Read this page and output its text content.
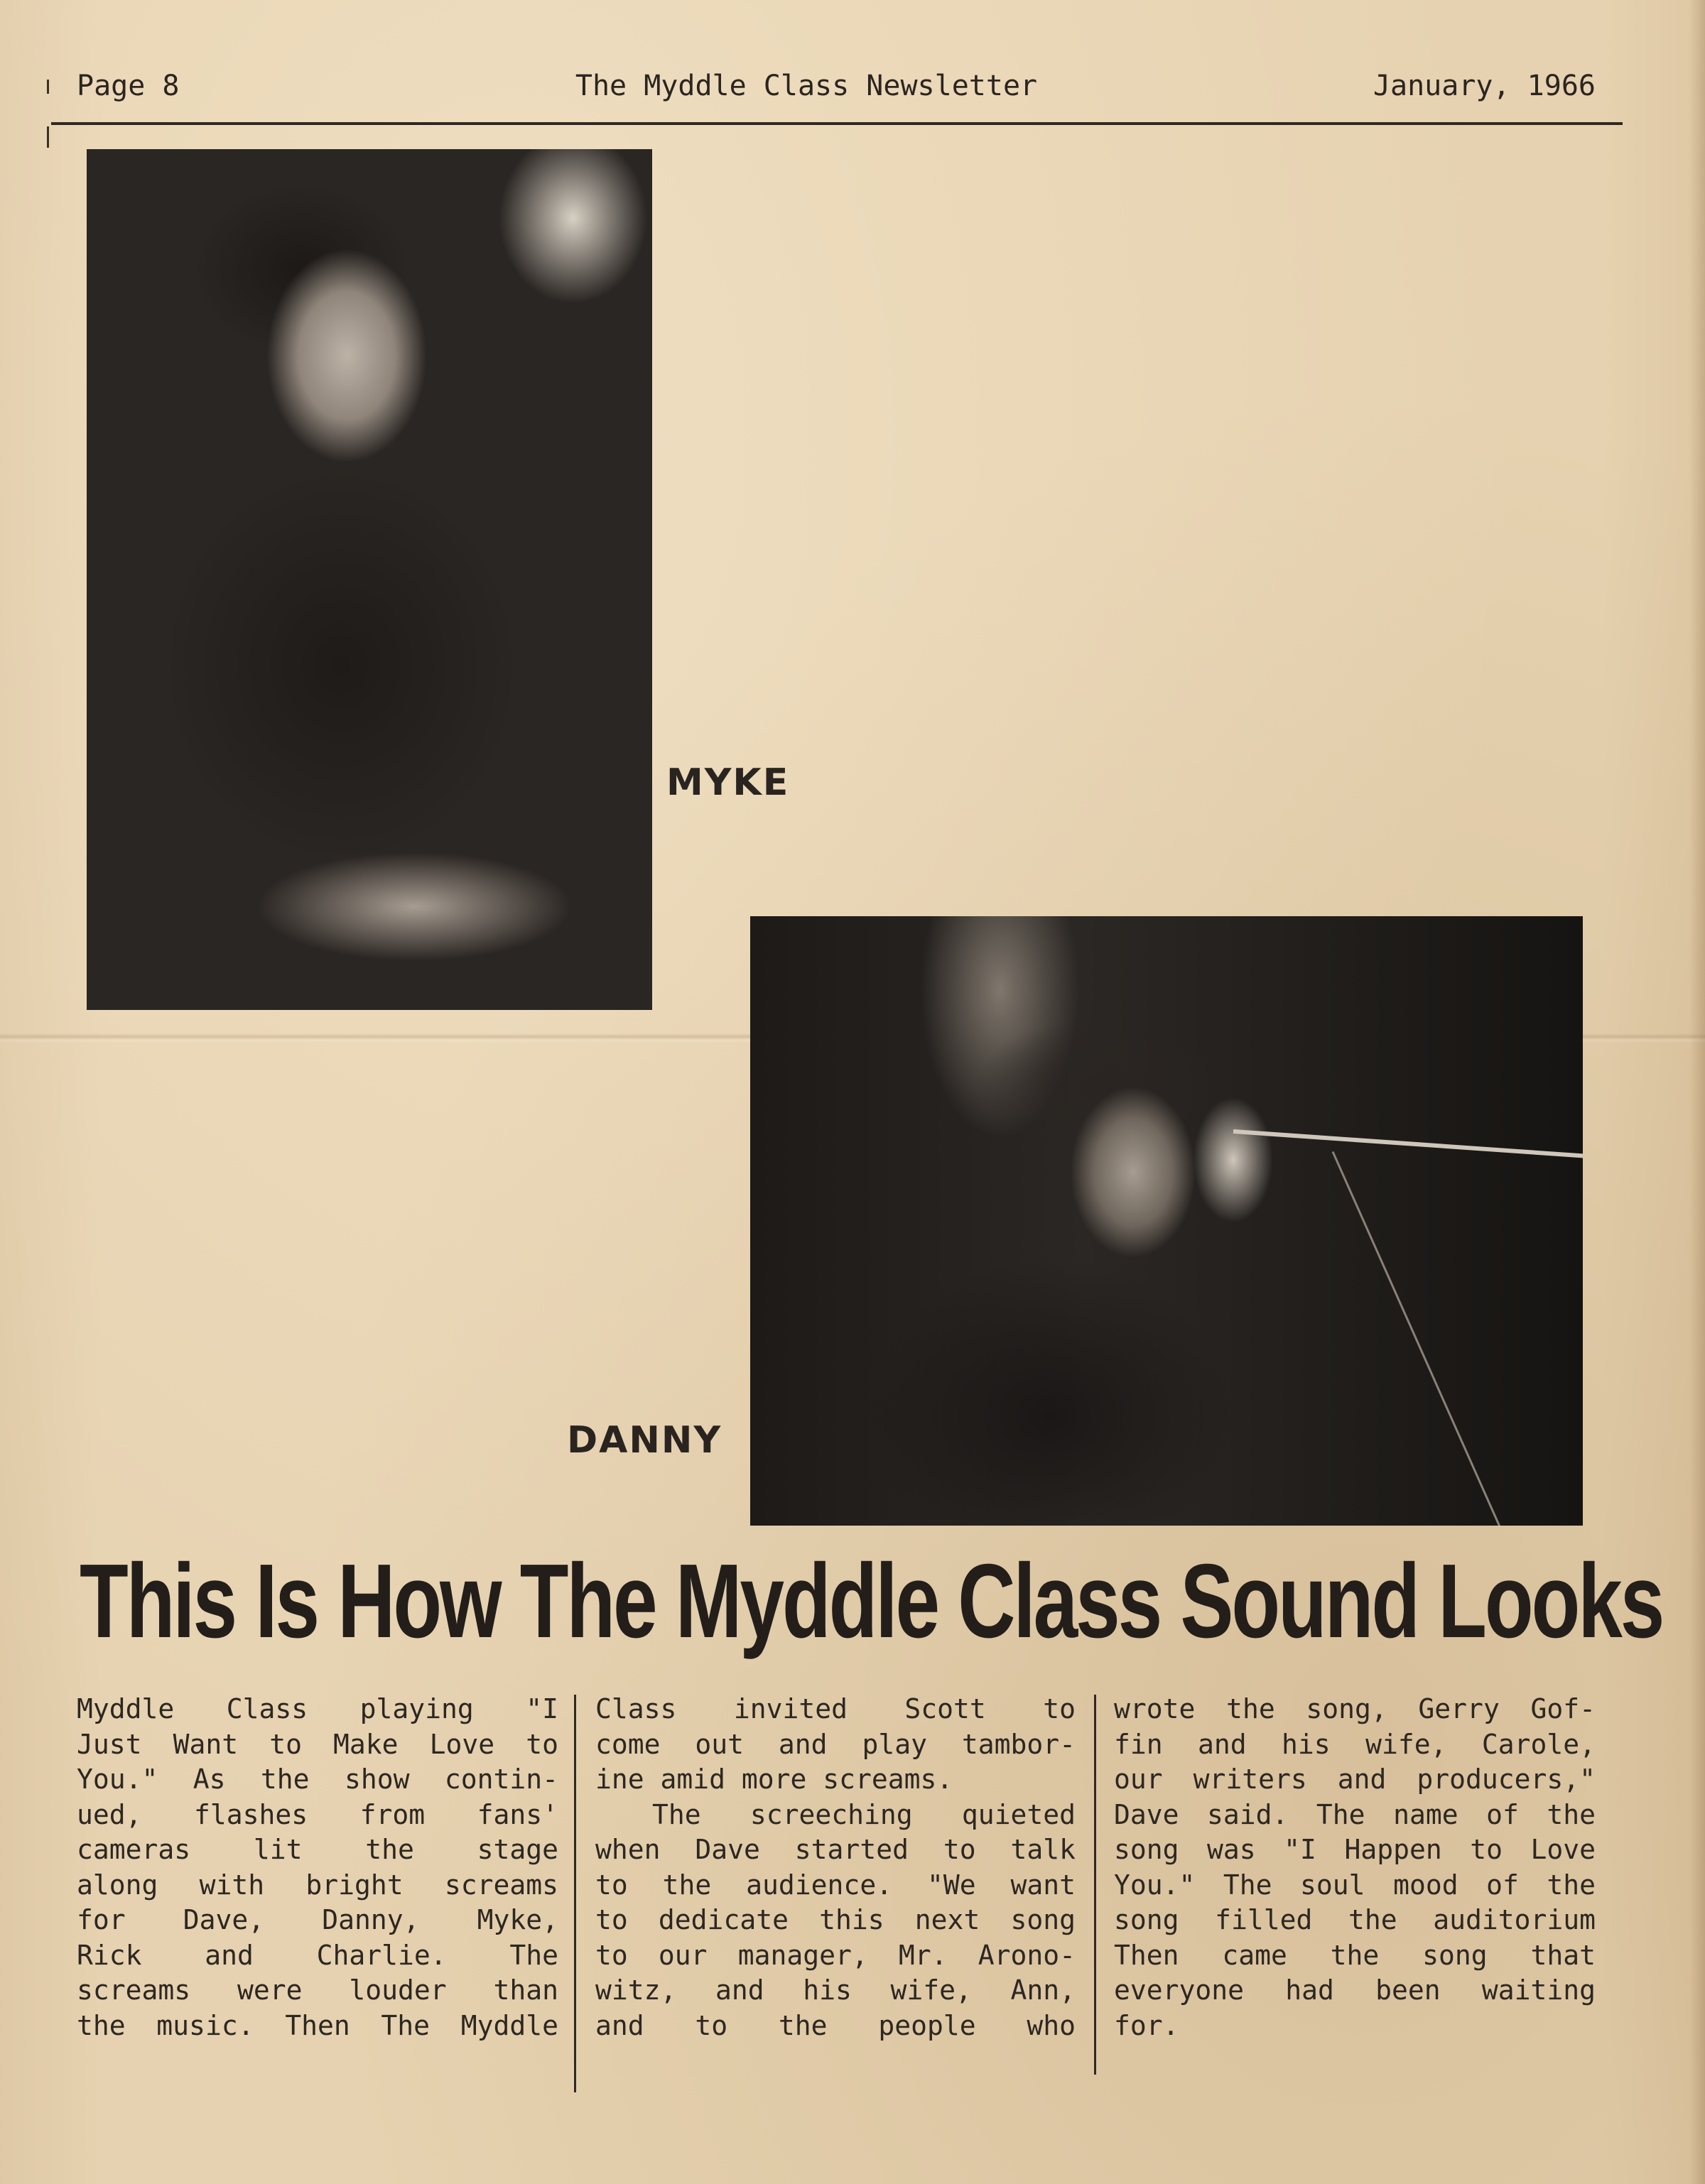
Page 8	The Myddle Class Newsletter	January, 1966
MYKE
DANNY
This Is How The Myddle Class Sound Looks
Myddle Class playing "I
Just Want to Make Love to
You." As the show contin-
ued, flashes from fans'
cameras lit the stage
along with bright screams
for Dave, Danny, Myke,
Rick and Charlie. The
screams were louder than
the music. Then The Myddle
Class invited Scott to
come out and play tambor-
ine amid more screams.
The screeching quieted
when Dave started to talk
to the audience. "We want
to dedicate this next song
to our manager, Mr. Arono-
witz, and his wife, Ann,
and to the people who
wrote the song, Gerry Gof-
fin and his wife, Carole,
our writers and producers,"
Dave said. The name of the
song was "I Happen to Love
You." The soul mood of the
song filled the auditorium
Then came the song that
everyone had been waiting
for.
